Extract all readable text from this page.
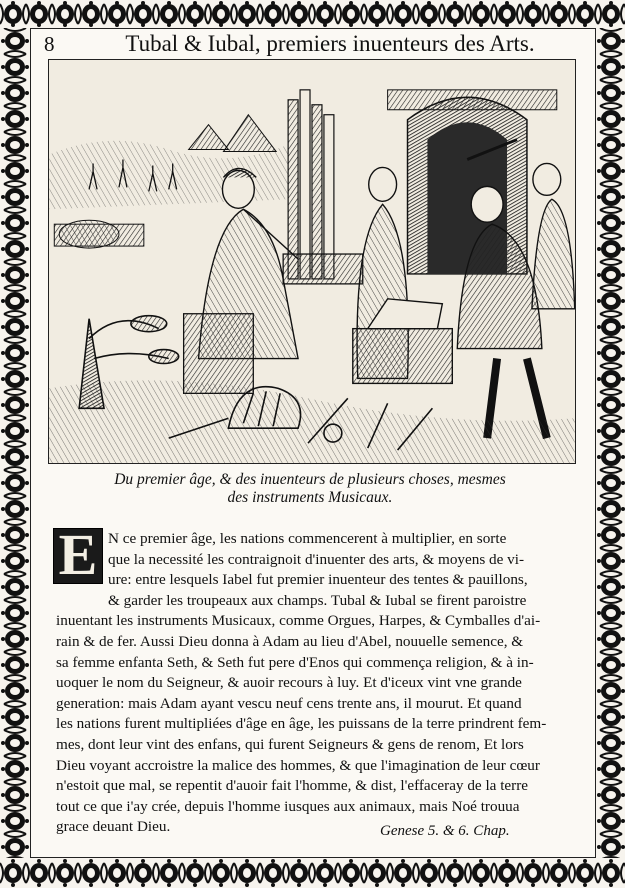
8	Tubal & Iubal, premiers inuenteurs des Arts.
Du premier âge, & des inuenteurs de plusieurs choses, mesmes
des instruments Musicaux.
E N ce premier âge, les nations commencerent à multiplier, en sorte
que la necessité les contraignoit d'inuenter des arts, & moyens de vi-
ure: entre lesquels Iabel fut premier inuenteur des tentes & pauillons,
& garder les troupeaux aux champs. Tubal & Iubal se firent paroistre
inuentant les instruments Musicaux, comme Orgues, Harpes, & Cymballes d'ai-
rain & de fer. Aussi Dieu donna à Adam au lieu d'Abel, nouuelle semence, &
sa femme enfanta Seth, & Seth fut pere d'Enos qui commença religion, & à in-
uoquer le nom du Seigneur, & auoir recours à luy. Et d'iceux vint vne grande
generation: mais Adam ayant vescu neuf cens trente ans, il mourut. Et quand
les nations furent multipliées d'âge en âge, les puissans de la terre prindrent fem-
mes, dont leur vint des enfans, qui furent Seigneurs & gens de renom, Et lors
Dieu voyant accroistre la malice des hommes, & que l'imagination de leur cœur
n'estoit que mal, se repentit d'auoir fait l'homme, & dist, l'effaceray de la terre
tout ce que i'ay crée, depuis l'homme iusques aux animaux, mais Noé trouua
grace deuant Dieu.	Genese 5. & 6. Chap.
